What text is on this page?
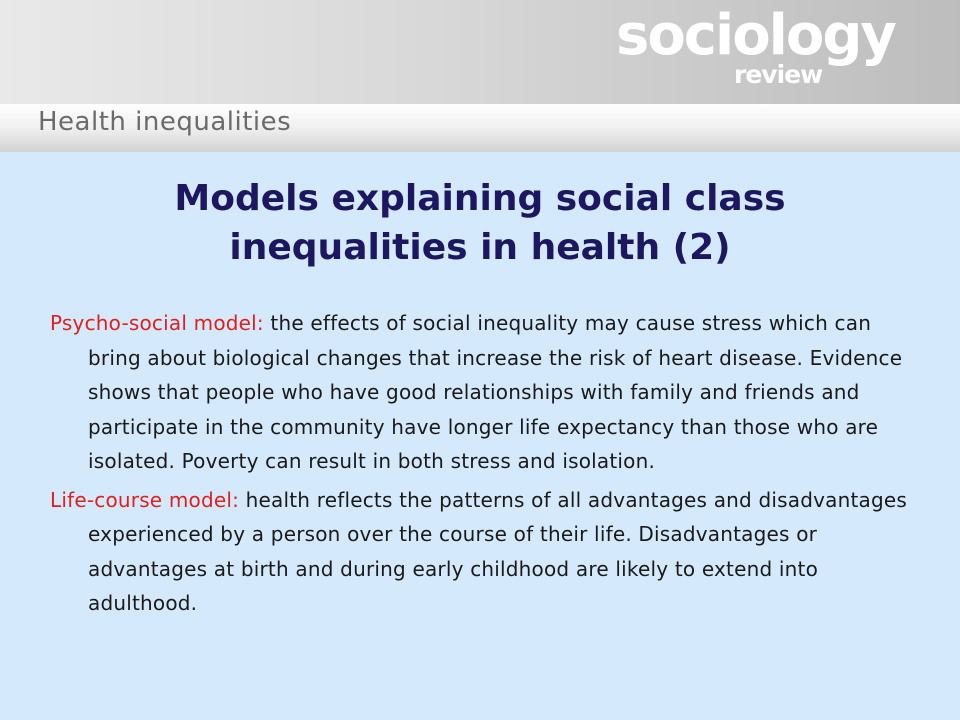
sociology
review
Health inequalities
Models explaining social class
inequalities in health (2)

Psycho-social model: the effects of social inequality may cause stress which can bring about biological changes that increase the risk of heart disease. Evidence shows that people who have good relationships with family and friends and participate in the community have longer life expectancy than those who are isolated. Poverty can result in both stress and isolation.

Life-course model: health reflects the patterns of all advantages and disadvantages experienced by a person over the course of their life. Disadvantages or advantages at birth and during early childhood are likely to extend into adulthood.
